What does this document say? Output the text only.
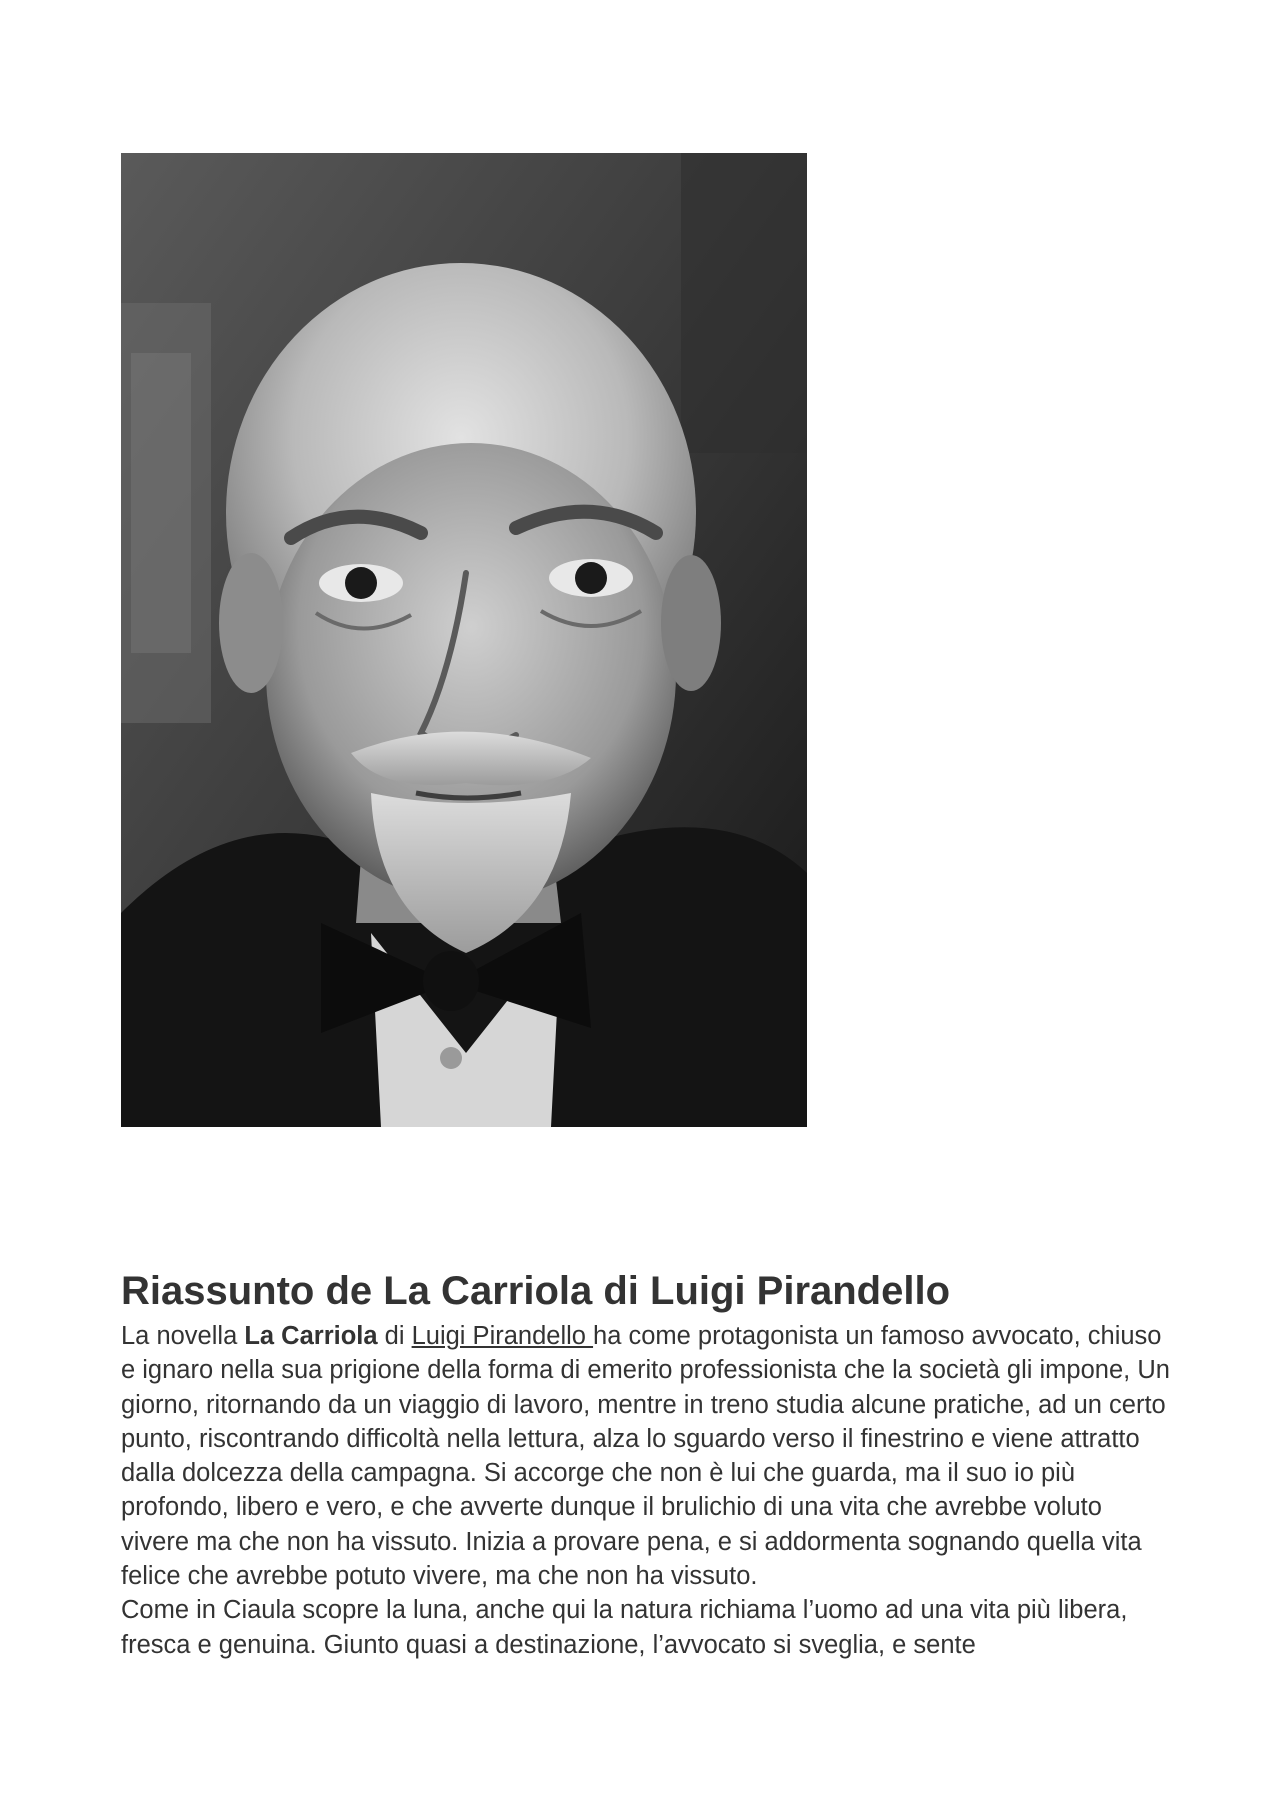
Riassunto de La Carriola di Luigi Pirandello

La novella La Carriola di Luigi Pirandello ha come protagonista un famoso avvocato, chiuso e ignaro nella sua prigione della forma di emerito professionista che la società gli impone, Un giorno, ritornando da un viaggio di lavoro, mentre in treno studia alcune pratiche, ad un certo punto, riscontrando difficoltà nella lettura, alza lo sguardo verso il finestrino e viene attratto dalla dolcezza della campagna. Si accorge che non è lui che guarda, ma il suo io più profondo, libero e vero, e che avverte dunque il brulichio di una vita che avrebbe voluto vivere ma che non ha vissuto. Inizia a provare pena, e si addormenta sognando quella vita felice che avrebbe potuto vivere, ma che non ha vissuto.

Come in Ciaula scopre la luna, anche qui la natura richiama l’uomo ad una vita più libera, fresca e genuina. Giunto quasi a destinazione, l’avvocato si sveglia, e sente
